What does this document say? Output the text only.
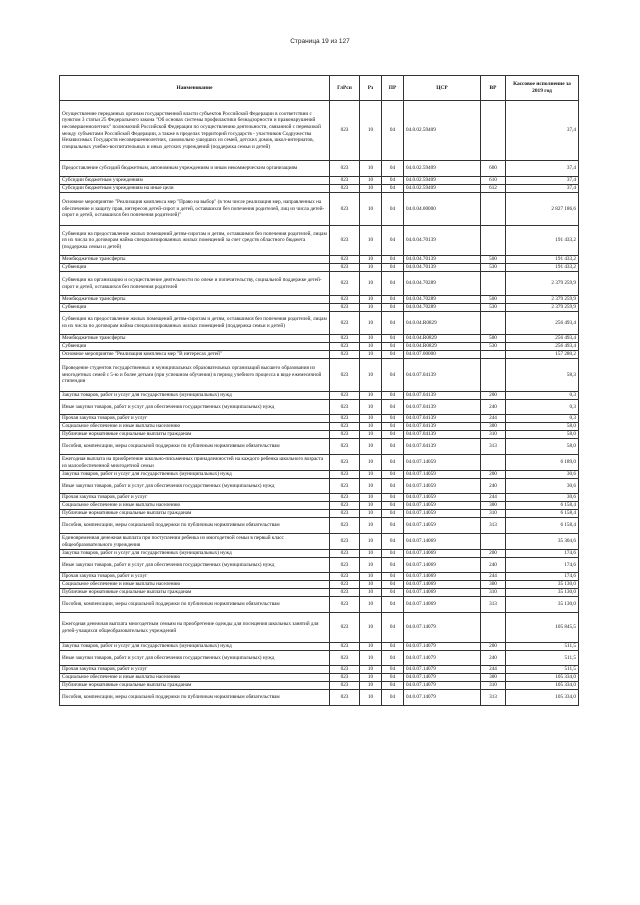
Страница 19 из 127
Наименование	ГлРсп	Рз	ПР	ЦСР	ВР	Кассовое исполнение за 2019 год
Осуществление переданных органам государственной власти субъектов Российской Федерации в соответствии с пунктом 3 статьи 25 Федерального закона "Об основах системы профилактики безнадзорности и правонарушений несовершеннолетних" полномочий Российской Федерации по осуществлению деятельности, связанной с перевозкой между субъектами Российской Федерации, а также в пределах территорий государств - участников Содружества Независимых Государств несовершеннолетних, самовольно ушедших из семей, детских домов, школ-интернатов, специальных учебно-воспитательных и иных детских учреждений (поддержка семьи и детей)	023	10	04	04.0.02.59409		37,4
Предоставление субсидий бюджетным, автономным учреждениям и иным некоммерческим организациям	023	10	04	04.0.02.59409	600	37,4
Субсидии бюджетным учреждениям	023	10	04	04.0.02.59409	610	37,4
Субсидии бюджетным учреждениям на иные цели	023	10	04	04.0.02.59409	612	37,4
Основное мероприятие "Реализация комплекса мер "Право на выбор" (в том числе реализация мер, направленных на обеспечение и защиту прав, интересов детей-сирот и детей, оставшихся без попечения родителей, лиц из числа детей-сирот и детей, оставшихся без попечения родителей)"	023	10	04	04.0.04.00000		2 827 186,6
Субвенции на предоставление жилых помещений детям-сиротам и детям, оставшимся без попечения родителей, лицам из их числа по договорам найма специализированных жилых помещений за счет средств областного бюджета (поддержка семьи и детей)	023	10	04	04.0.04.70139		191 433,2
Межбюджетные трансферты	023	10	04	04.0.04.70139	500	191 433,2
Субвенции	023	10	04	04.0.04.70139	530	191 433,2
Субвенции на организацию и осуществление деятельности по опеке и попечительству, социальной поддержке детей-сирот и детей, оставшихся без попечения родителей	023	10	04	04.0.04.70289		2 379 259,9
Межбюджетные трансферты	023	10	04	04.0.04.70289	500	2 379 259,9
Субвенции	023	10	04	04.0.04.70289	530	2 379 259,9
Субвенции на предоставление жилых помещений детям-сиротам и детям, оставшимся без попечения родителей, лицам из их числа по договорам найма специализированных жилых помещений (поддержка семьи и детей)	023	10	04	04.0.04.R0829		256 493,4
Межбюджетные трансферты	023	10	04	04.0.04.R0829	500	256 493,4
Субвенции	023	10	04	04.0.04.R0829	530	256 493,4
Основное мероприятие "Реализация комплекса мер "В интересах детей"	023	10	04	04.0.07.00000		157 280,2
Проведение студентов государственных и муниципальных образовательных организаций высшего образования из многодетных семей с 5-ю и более детьми (при успешном обучении) в период учебного процесса в виде ежемесячной стипендии	023	10	04	04.0.07.04139		58,3
Закупка товаров, работ и услуг для государственных (муниципальных) нужд	023	10	04	04.0.07.04139	200	0,3
Иные закупки товаров, работ и услуг для обеспечения государственных (муниципальных) нужд	023	10	04	04.0.07.04139	240	0,3
Прочая закупка товаров, работ и услуг	023	10	04	04.0.07.04139	244	0,3
Социальное обеспечение и иные выплаты населению	023	10	04	04.0.07.04139	300	58,0
Публичные нормативные социальные выплаты гражданам	023	10	04	04.0.07.04139	310	58,0
Пособия, компенсации, меры социальной поддержки по публичным нормативным обязательствам	023	10	04	04.0.07.04139	313	58,0
Ежегодная выплата на приобретение школьно-письменных принадлежностей на каждого ребенка школьного возраста из малообеспеченной многодетной семьи	023	10	04	04.0.07.14059		6 189,0
Закупка товаров, работ и услуг для государственных (муниципальных) нужд	023	10	04	04.0.07.14059	200	30,6
Иные закупки товаров, работ и услуг для обеспечения государственных (муниципальных) нужд	023	10	04	04.0.07.14059	240	30,6
Прочая закупка товаров, работ и услуг	023	10	04	04.0.07.14059	244	30,6
Социальное обеспечение и иные выплаты населению	023	10	04	04.0.07.14059	300	6 158,4
Публичные нормативные социальные выплаты гражданам	023	10	04	04.0.07.14059	310	6 158,4
Пособия, компенсации, меры социальной поддержки по публичным нормативным обязательствам	023	10	04	04.0.07.14059	313	6 158,4
Единовременная денежная выплата при поступлении ребенка из многодетной семьи в первый класс общеобразовательного учреждения	023	10	04	04.0.07.14069		35 304,6
Закупка товаров, работ и услуг для государственных (муниципальных) нужд	023	10	04	04.0.07.14069	200	174,6
Иные закупки товаров, работ и услуг для обеспечения государственных (муниципальных) нужд	023	10	04	04.0.07.14069	240	174,6
Прочая закупка товаров, работ и услуг	023	10	04	04.0.07.14069	244	174,6
Социальное обеспечение и иные выплаты населению	023	10	04	04.0.07.14069	300	35 130,0
Публичные нормативные социальные выплаты гражданам	023	10	04	04.0.07.14069	310	35 130,0
Пособия, компенсации, меры социальной поддержки по публичным нормативным обязательствам	023	10	04	04.0.07.14069	313	35 130,0
Ежегодная денежная выплата многодетным семьям на приобретение одежды для посещения школьных занятий для детей-учащихся общеобразовательных учреждений	023	10	04	04.0.07.14079		105 845,5
Закупка товаров, работ и услуг для государственных (муниципальных) нужд	023	10	04	04.0.07.14079	200	511,5
Иные закупки товаров, работ и услуг для обеспечения государственных (муниципальных) нужд	023	10	04	04.0.07.14079	240	511,5
Прочая закупка товаров, работ и услуг	023	10	04	04.0.07.14079	244	511,5
Социальное обеспечение и иные выплаты населению	023	10	04	04.0.07.14079	300	105 334,0
Публичные нормативные социальные выплаты гражданам	023	10	04	04.0.07.14079	310	105 334,0
Пособия, компенсации, меры социальной поддержки по публичным нормативным обязательствам	023	10	04	04.0.07.14079	313	105 334,0
